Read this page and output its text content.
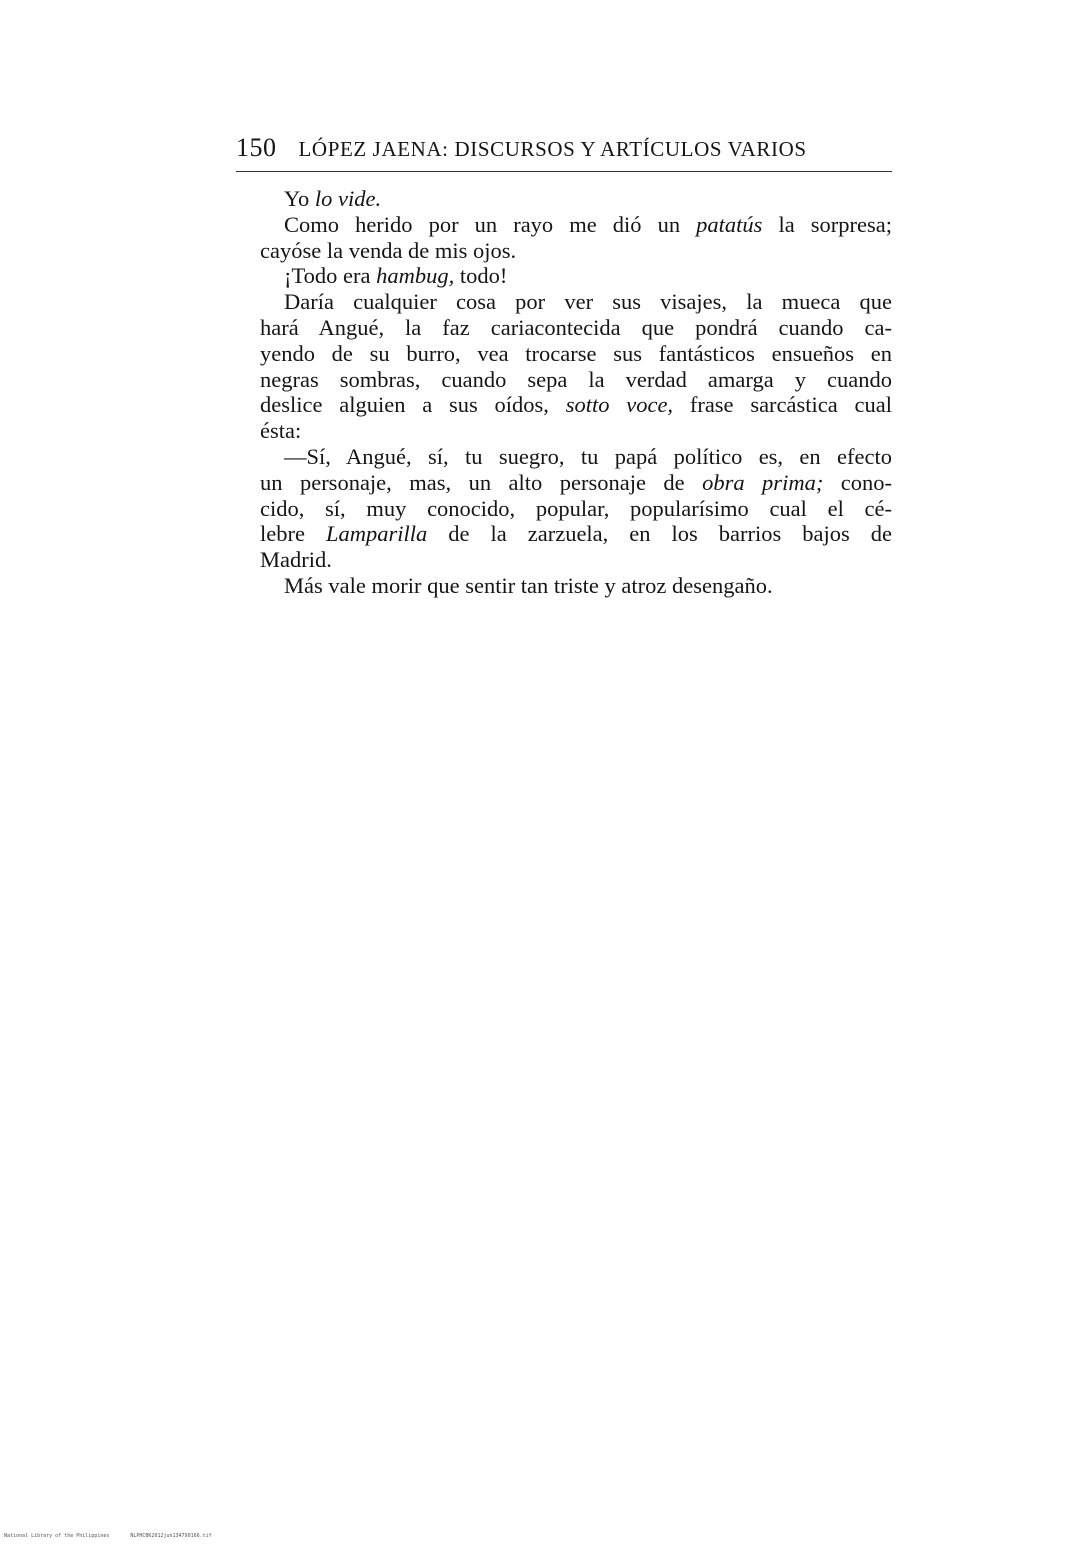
150 LÓPEZ JAENA: DISCURSOS Y ARTÍCULOS VARIOS
Yo lo vide.
Como herido por un rayo me dió un patatús la sorpresa;
cayóse la venda de mis ojos.
¡Todo era hambug, todo!
Daría cualquier cosa por ver sus visajes, la mueca que
hará Angué, la faz cariacontecida que pondrá cuando ca-
yendo de su burro, vea trocarse sus fantásticos ensueños en
negras sombras, cuando sepa la verdad amarga y cuando
deslice alguien a sus oídos, sotto voce, frase sarcástica cual
ésta:
—Sí, Angué, sí, tu suegro, tu papá político es, en efecto
un personaje, mas, un alto personaje de obra prima; cono-
cido, sí, muy conocido, popular, popularísimo cual el cé-
lebre Lamparilla de la zarzuela, en los barrios bajos de
Madrid.
Más vale morir que sentir tan triste y atroz desengaño.
National Library of the Philippines	NLPHCBK2012jun134790166.tif
